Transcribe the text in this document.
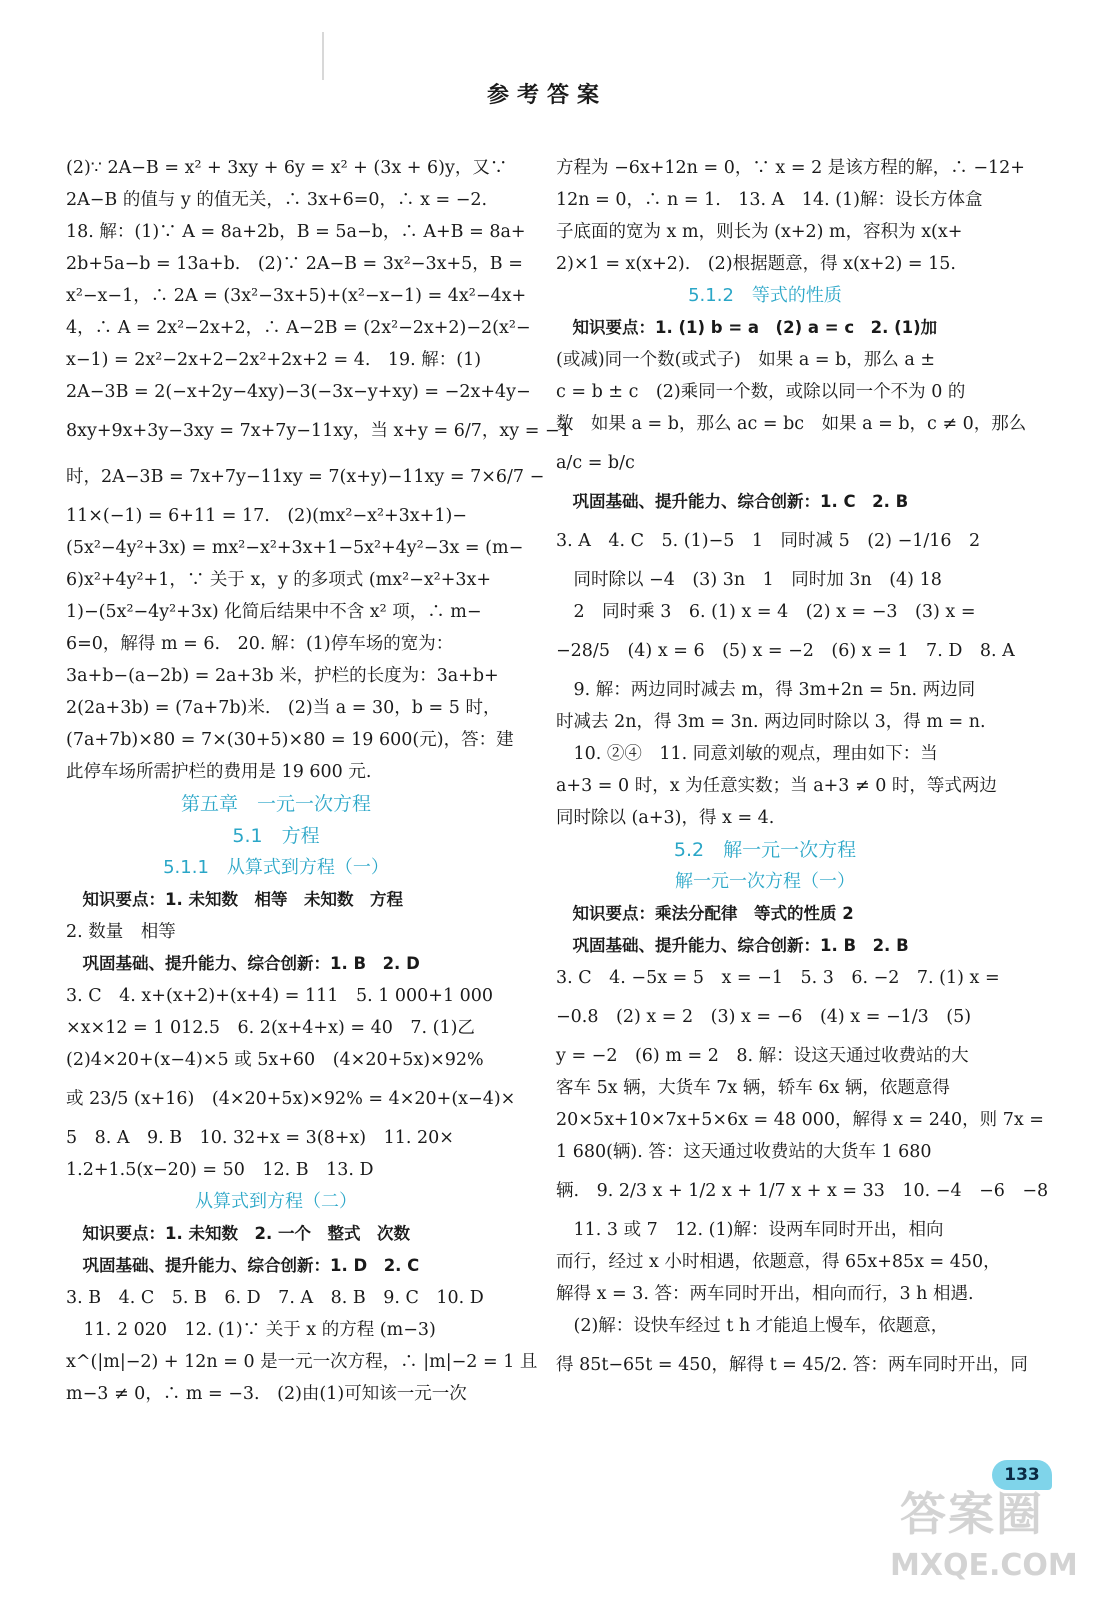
参考答案
(2)∵ 2A−B = x² + 3xy + 6y = x² + (3x + 6)y，又∵
2A−B 的值与 y 的值无关，∴ 3x+6=0，∴ x = −2.
18. 解：(1)∵ A = 8a+2b，B = 5a−b，∴ A+B = 8a+
2b+5a−b = 13a+b.　(2)∵ 2A−B = 3x²−3x+5，B =
x²−x−1，∴ 2A = (3x²−3x+5)+(x²−x−1) = 4x²−4x+
4，∴ A = 2x²−2x+2，∴ A−2B = (2x²−2x+2)−2(x²−
x−1) = 2x²−2x+2−2x²+2x+2 = 4.　19. 解：(1)
2A−3B = 2(−x+2y−4xy)−3(−3x−y+xy) = −2x+4y−
8xy+9x+3y−3xy = 7x+7y−11xy，当 x+y = 6/7，xy = −1
时，2A−3B = 7x+7y−11xy = 7(x+y)−11xy = 7×6/7 −
11×(−1) = 6+11 = 17.　(2)(mx²−x²+3x+1)−
(5x²−4y²+3x) = mx²−x²+3x+1−5x²+4y²−3x = (m−
6)x²+4y²+1，∵ 关于 x，y 的多项式 (mx²−x²+3x+
1)−(5x²−4y²+3x) 化简后结果中不含 x² 项，∴ m−
6=0，解得 m = 6.　20. 解：(1)停车场的宽为：
3a+b−(a−2b) = 2a+3b 米，护栏的长度为：3a+b+
2(2a+3b) = (7a+7b)米.　(2)当 a = 30，b = 5 时，
(7a+7b)×80 = 7×(30+5)×80 = 19 600(元)，答：建
此停车场所需护栏的费用是 19 600 元.
第五章　一元一次方程
5.1　方程
5.1.1　从算式到方程（一）
　知识要点：1. 未知数　相等　未知数　方程
2. 数量　相等
　巩固基础、提升能力、综合创新：1. B　2. D
3. C　4. x+(x+2)+(x+4) = 111　5. 1 000+1 000
×x×12 = 1 012.5　6. 2(x+4+x) = 40　7. (1)乙
(2)4×20+(x−4)×5 或 5x+60　(4×20+5x)×92%
或 23/5 (x+16)　(4×20+5x)×92% = 4×20+(x−4)×
5　8. A　9. B　10. 32+x = 3(8+x)　11. 20×
1.2+1.5(x−20) = 50　12. B　13. D
从算式到方程（二）
　知识要点：1. 未知数　2. 一个　整式　次数
　巩固基础、提升能力、综合创新：1. D　2. C
3. B　4. C　5. B　6. D　7. A　8. B　9. C　10. D
　11. 2 020　12. (1)∵ 关于 x 的方程 (m−3)
x^(|m|−2) + 12n = 0 是一元一次方程，∴ |m|−2 = 1 且
m−3 ≠ 0，∴ m = −3.　(2)由(1)可知该一元一次
方程为 −6x+12n = 0，∵ x = 2 是该方程的解，∴ −12+
12n = 0，∴ n = 1.　13. A　14. (1)解：设长方体盒
子底面的宽为 x m，则长为 (x+2) m，容积为 x(x+
2)×1 = x(x+2).　(2)根据题意，得 x(x+2) = 15.
5.1.2　等式的性质
　知识要点：1. (1) b = a　(2) a = c　2. (1)加
(或减)同一个数(或式子)　如果 a = b，那么 a ±
c = b ± c　(2)乘同一个数，或除以同一个不为 0 的
数　如果 a = b，那么 ac = bc　如果 a = b，c ≠ 0，那么
a/c = b/c
　巩固基础、提升能力、综合创新：1. C　2. B
3. A　4. C　5. (1)−5　1　同时减 5　(2) −1/16　2
　同时除以 −4　(3) 3n　1　同时加 3n　(4) 18
　2　同时乘 3　6. (1) x = 4　(2) x = −3　(3) x =
−28/5　(4) x = 6　(5) x = −2　(6) x = 1　7. D　8. A
　9. 解：两边同时减去 m，得 3m+2n = 5n. 两边同
时减去 2n，得 3m = 3n. 两边同时除以 3，得 m = n.
　10. ②④　11. 同意刘敏的观点，理由如下：当
a+3 = 0 时，x 为任意实数；当 a+3 ≠ 0 时，等式两边
同时除以 (a+3)，得 x = 4.
5.2　解一元一次方程
解一元一次方程（一）
　知识要点：乘法分配律　等式的性质 2
　巩固基础、提升能力、综合创新：1. B　2. B
3. C　4. −5x = 5　x = −1　5. 3　6. −2　7. (1) x =
−0.8　(2) x = 2　(3) x = −6　(4) x = −1/3　(5)
y = −2　(6) m = 2　8. 解：设这天通过收费站的大
客车 5x 辆，大货车 7x 辆，轿车 6x 辆，依题意得
20×5x+10×7x+5×6x = 48 000，解得 x = 240，则 7x =
1 680(辆). 答：这天通过收费站的大货车 1 680
辆.　9. 2/3 x + 1/2 x + 1/7 x + x = 33　10. −4　−6　−8
　11. 3 或 7　12. (1)解：设两车同时开出，相向
而行，经过 x 小时相遇，依题意，得 65x+85x = 450，
解得 x = 3. 答：两车同时开出，相向而行，3 h 相遇.
　(2)解：设快车经过 t h 才能追上慢车，依题意，
得 85t−65t = 450，解得 t = 45/2. 答：两车同时开出，同
133
答案圈
MXQE.COM
